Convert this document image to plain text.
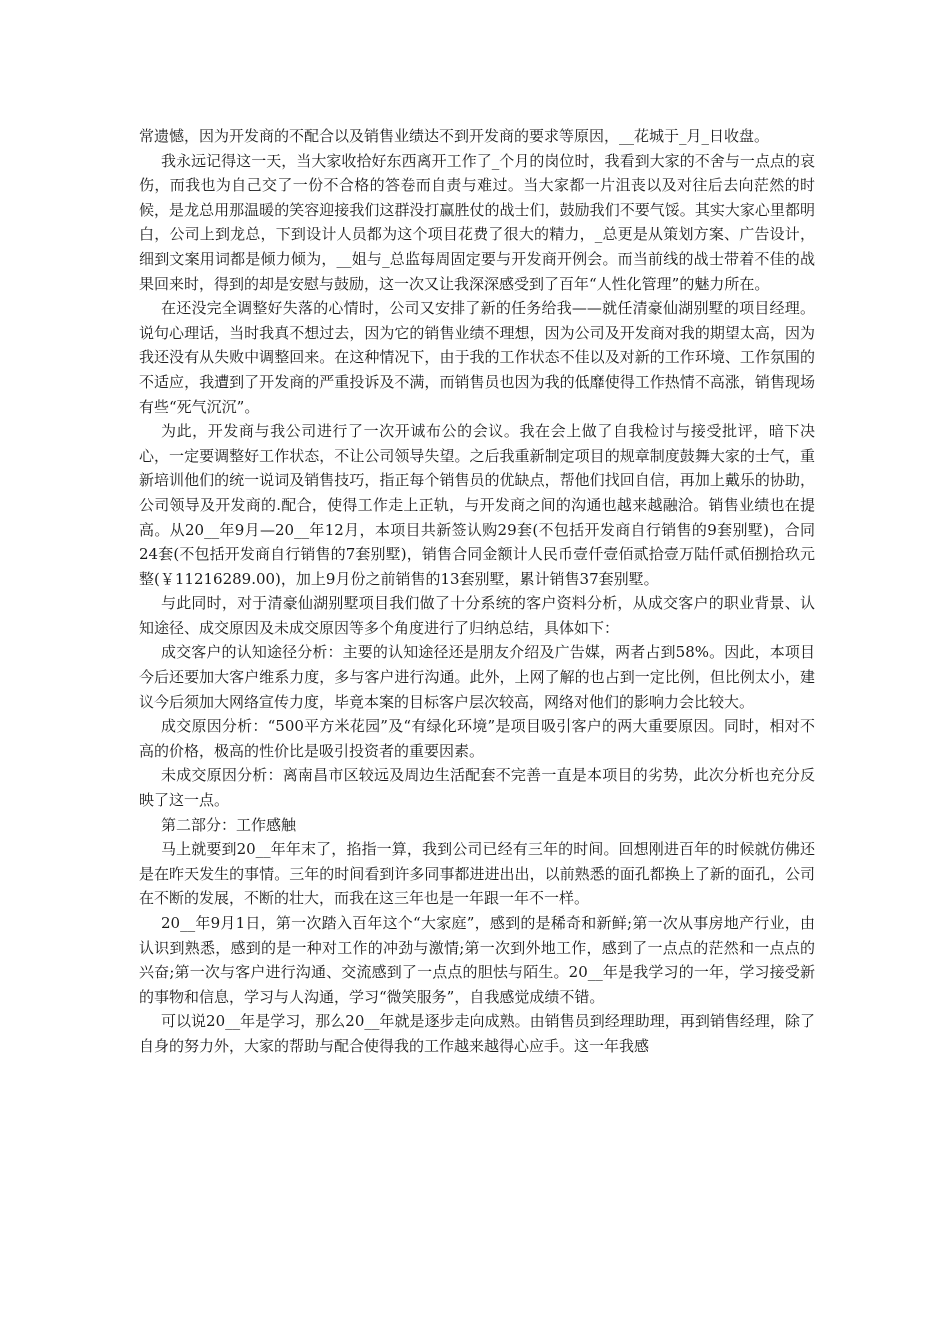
常遗憾，因为开发商的不配合以及销售业绩达不到开发商的要求等原因，__花城于_月_日收盘。

我永远记得这一天，当大家收拾好东西离开工作了_个月的岗位时，我看到大家的不舍与一点点的哀伤，而我也为自己交了一份不合格的答卷而自责与难过。当大家都一片沮丧以及对往后去向茫然的时候，是龙总用那温暖的笑容迎接我们这群没打赢胜仗的战士们，鼓励我们不要气馁。其实大家心里都明白，公司上到龙总，下到设计人员都为这个项目花费了很大的精力，_总更是从策划方案、广告设计，细到文案用词都是倾力倾为，__姐与_总监每周固定要与开发商开例会。而当前线的战士带着不佳的战果回来时，得到的却是安慰与鼓励，这一次又让我深深感受到了百年“人性化管理”的魅力所在。

在还没完全调整好失落的心情时，公司又安排了新的任务给我——就任清豪仙湖别墅的项目经理。说句心理话，当时我真不想过去，因为它的销售业绩不理想，因为公司及开发商对我的期望太高，因为我还没有从失败中调整回来。在这种情况下，由于我的工作状态不佳以及对新的工作环境、工作氛围的不适应，我遭到了开发商的严重投诉及不满，而销售员也因为我的低靡使得工作热情不高涨，销售现场有些“死气沉沉”。

为此，开发商与我公司进行了一次开诚布公的会议。我在会上做了自我检讨与接受批评，暗下决心，一定要调整好工作状态，不让公司领导失望。之后我重新制定项目的规章制度鼓舞大家的士气，重新培训他们的统一说词及销售技巧，指正每个销售员的优缺点，帮他们找回自信，再加上戴乐的协助，公司领导及开发商的.配合，使得工作走上正轨，与开发商之间的沟通也越来越融洽。销售业绩也在提高。从20__年9月—20__年12月，本项目共新签认购29套(不包括开发商自行销售的9套别墅)，合同24套(不包括开发商自行销售的7套别墅)，销售合同金额计人民币壹仟壹佰贰拾壹万陆仟贰佰捌拾玖元整(￥11216289.00)，加上9月份之前销售的13套别墅，累计销售37套别墅。

与此同时，对于清豪仙湖别墅项目我们做了十分系统的客户资料分析，从成交客户的职业背景、认知途径、成交原因及未成交原因等多个角度进行了归纳总结，具体如下：

成交客户的认知途径分析：主要的认知途径还是朋友介绍及广告媒，两者占到58%。因此，本项目今后还要加大客户维系力度，多与客户进行沟通。此外，上网了解的也占到一定比例，但比例太小，建议今后须加大网络宣传力度，毕竟本案的目标客户层次较高，网络对他们的影响力会比较大。

成交原因分析：“500平方米花园”及“有绿化环境”是项目吸引客户的两大重要原因。同时，相对不高的价格，极高的性价比是吸引投资者的重要因素。

未成交原因分析：离南昌市区较远及周边生活配套不完善一直是本项目的劣势，此次分析也充分反映了这一点。

第二部分：工作感触

马上就要到20__年年末了，掐指一算，我到公司已经有三年的时间。回想刚进百年的时候就仿佛还是在昨天发生的事情。三年的时间看到许多同事都进进出出，以前熟悉的面孔都换上了新的面孔，公司在不断的发展，不断的壮大，而我在这三年也是一年跟一年不一样。

20__年9月1日，第一次踏入百年这个“大家庭”，感到的是稀奇和新鲜;第一次从事房地产行业，由认识到熟悉，感到的是一种对工作的冲劲与激情;第一次到外地工作，感到了一点点的茫然和一点点的兴奋;第一次与客户进行沟通、交流感到了一点点的胆怯与陌生。20__年是我学习的一年，学习接受新的事物和信息，学习与人沟通，学习“微笑服务”，自我感觉成绩不错。

可以说20__年是学习，那么20__年就是逐步走向成熟。由销售员到经理助理，再到销售经理，除了自身的努力外，大家的帮助与配合使得我的工作越来越得心应手。这一年我感
